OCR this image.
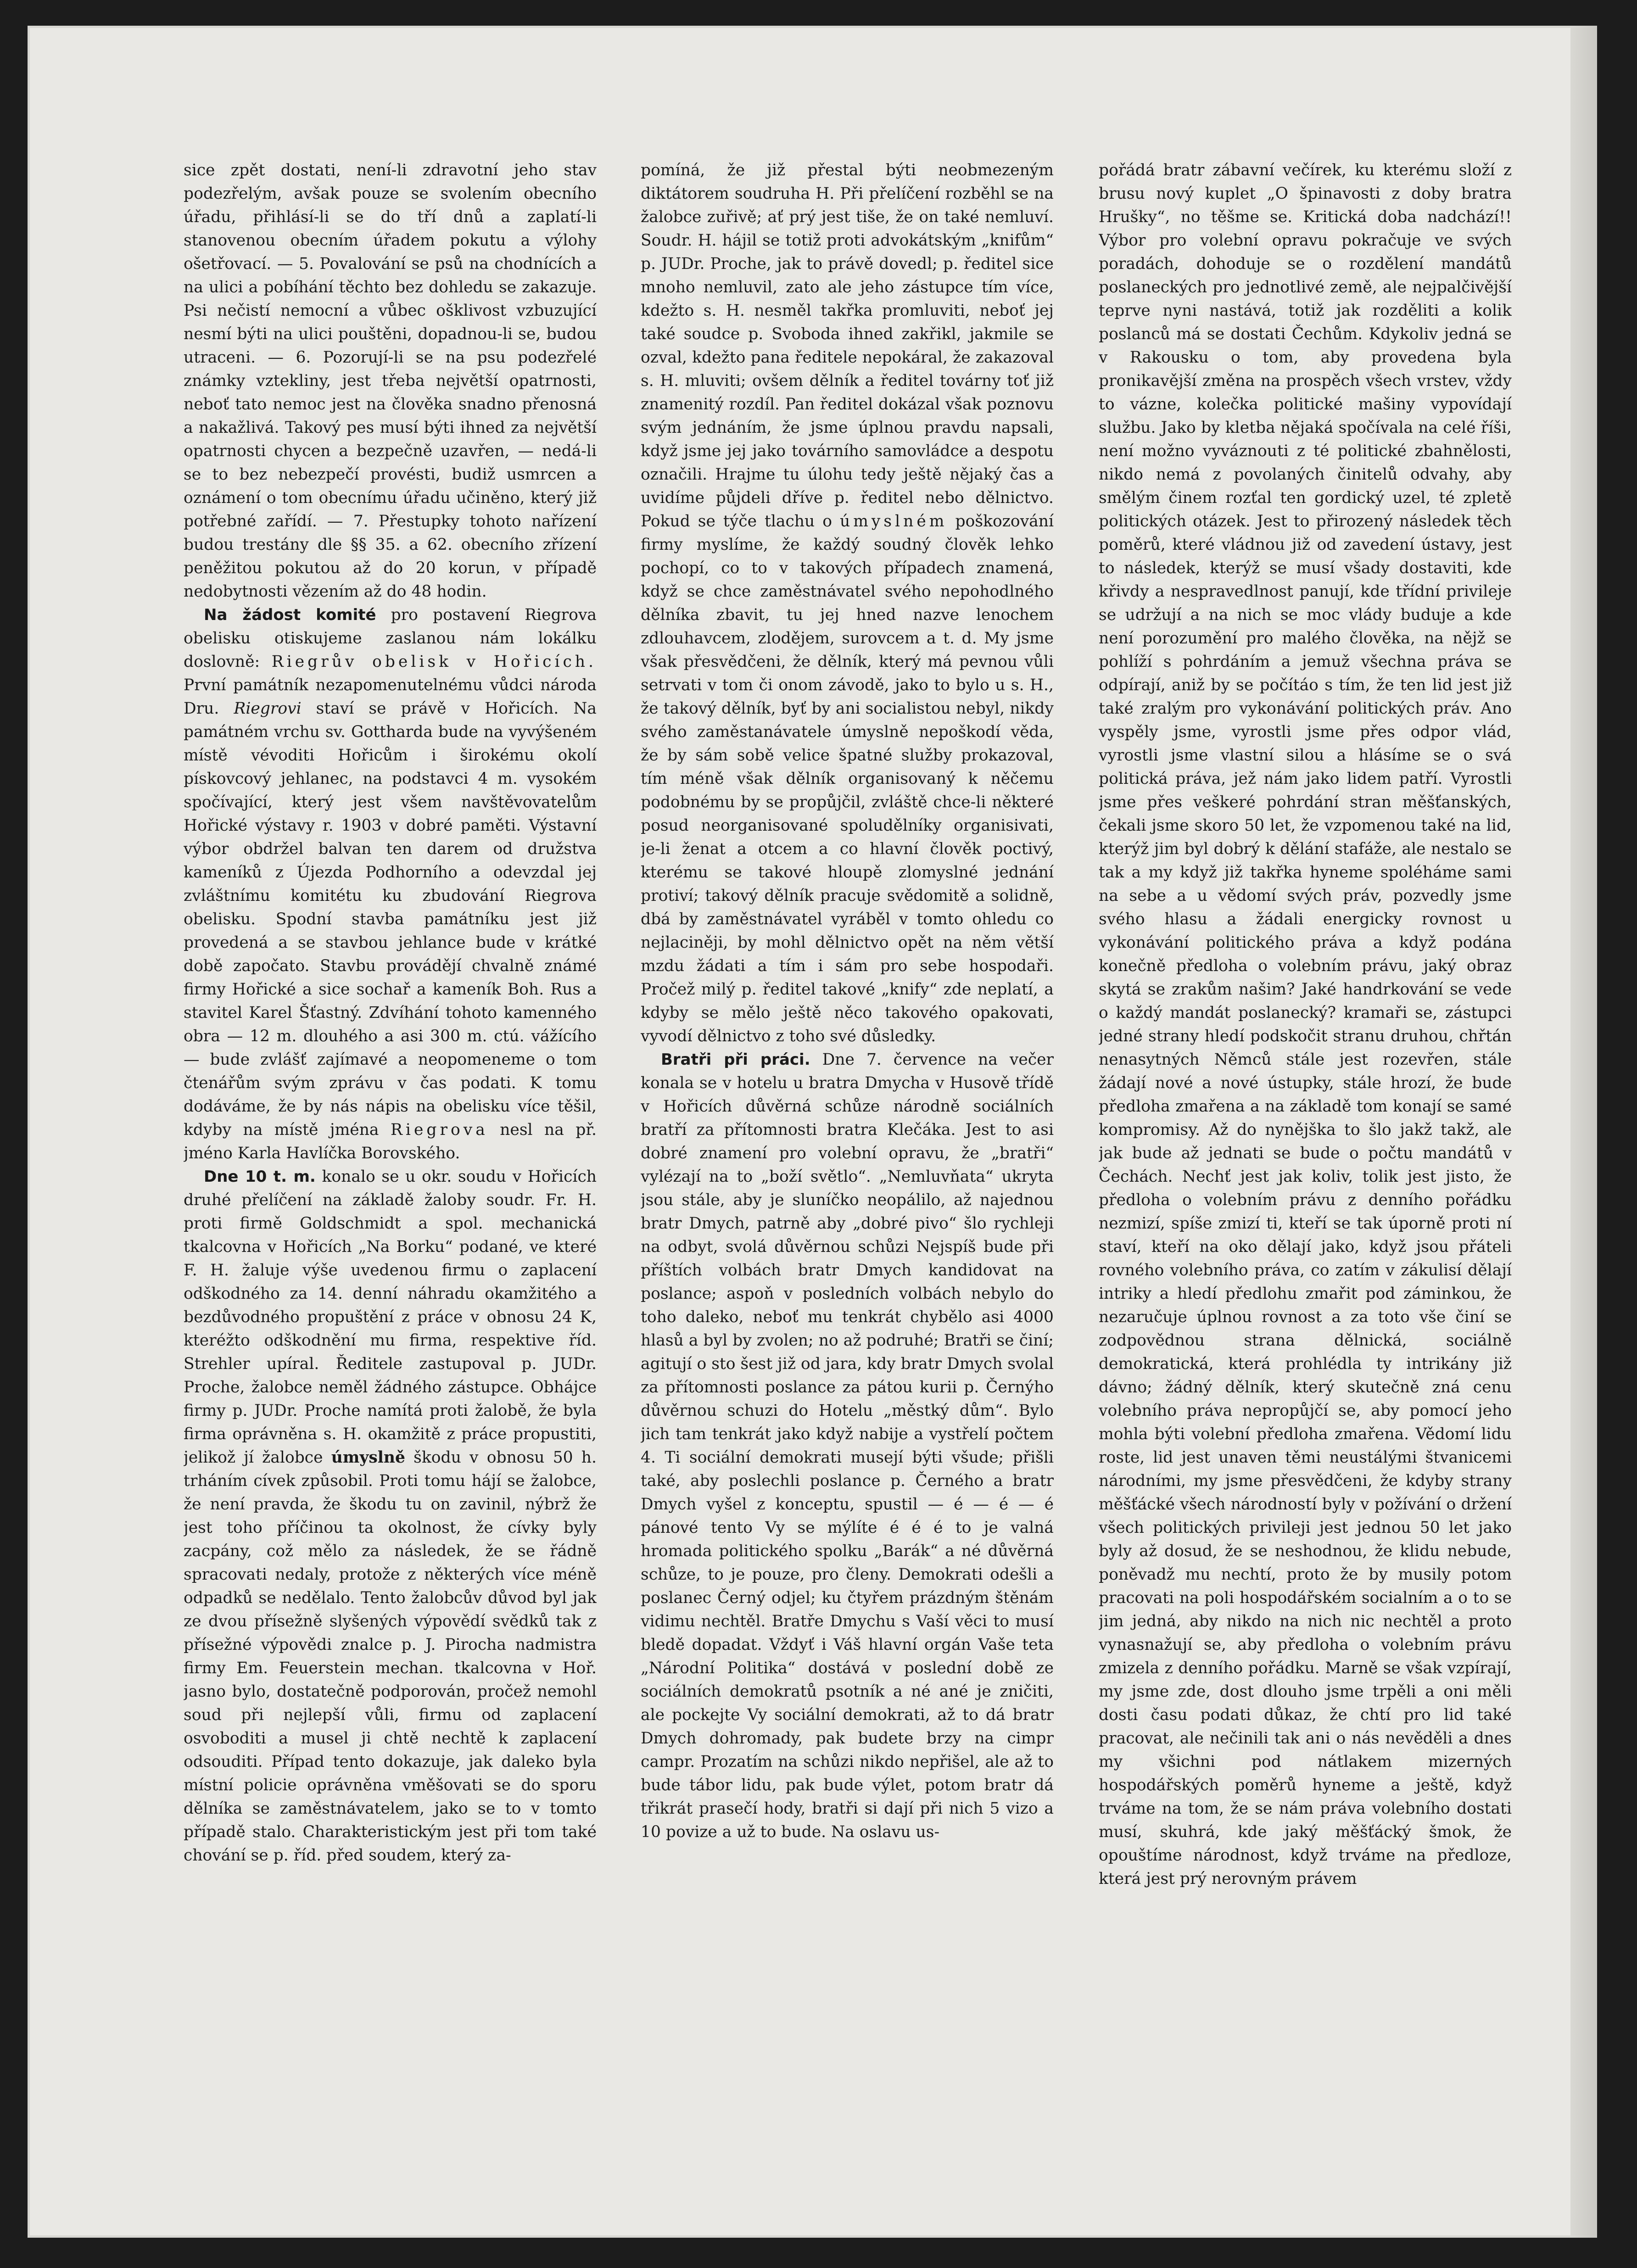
sice zpět dostati, není-li zdravotní jeho stav podezřelým, avšak pouze se svolením obecního úřadu, přihlásí-li se do tří dnů a zaplatí-li stanovenou obecním úřadem pokutu a výlohy ošetřovací. — 5. Povalování se psů na chodnících a na ulici a pobíhání těchto bez dohledu se zakazuje. Psi nečistí nemocní a vůbec ošklivost vzbuzující nesmí býti na ulici pouštěni, dopadnou-li se, budou utraceni. — 6. Pozorují-li se na psu podezřelé známky vztekliny, jest třeba největší opatrnosti, neboť tato nemoc jest na člověka snadno přenosná a nakažlivá. Takový pes musí býti ihned za největší opatrnosti chycen a bezpečně uzavřen, — nedá-li se to bez nebezpečí provésti, budiž usmrcen a oznámení o tom obecnímu úřadu učiněno, který již potřebné zařídí. — 7. Přestupky tohoto nařízení budou trestány dle §§ 35. a 62. obecního zřízení peněžitou pokutou až do 20 korun, v případě nedobytnosti vězením až do 48 hodin.

Na žádost komité pro postavení Riegrova obelisku otiskujeme zaslanou nám lokálku doslovně: Riegrův obelisk v Hořicích. První památník nezapomenutelnému vůdci národa Dru. Riegrovi staví se právě v Hořicích. Na památném vrchu sv. Gottharda bude na vyvýšeném místě vévoditi Hořicům i širokému okolí pískovcový jehlanec, na podstavci 4 m. vysokém spočívající, který jest všem navštěvovatelům Hořické výstavy r. 1903 v dobré paměti. Výstavní výbor obdržel balvan ten darem od družstva kameníků z Újezda Podhorního a odevzdal jej zvláštnímu komitétu ku zbudování Riegrova obelisku. Spodní stavba památníku jest již provedená a se stavbou jehlance bude v krátké době započato. Stavbu provádějí chvalně známé firmy Hořické a sice sochař a kameník Boh. Rus a stavitel Karel Šťastný. Zdvíhání tohoto kamenného obra — 12 m. dlouhého a asi 300 m. ctú. vážícího — bude zvlášť zajímavé a neopomeneme o tom čtenářům svým zprávu v čas podati. K tomu dodáváme, že by nás nápis na obelisku více těšil, kdyby na místě jména Riegrova nesl na př. jméno Karla Havlíčka Borovského.

Dne 10 t. m. konalo se u okr. soudu v Hořicích druhé přelíčení na základě žaloby soudr. Fr. H. proti firmě Goldschmidt a spol. mechanická tkalcovna v Hořicích „Na Borku“ podané, ve které F. H. žaluje výše uvedenou firmu o zaplacení odškodného za 14. denní náhradu okamžitého a bezdůvodného propuštění z práce v obnosu 24 K, kteréžto odškodnění mu firma, respektive říd. Strehler upíral. Ředitele zastupoval p. JUDr. Proche, žalobce neměl žádného zástupce. Obhájce firmy p. JUDr. Proche namítá proti žalobě, že byla firma oprávněna s. H. okamžitě z práce propustiti, jelikož jí žalobce úmyslně škodu v obnosu 50 h. trháním cívek způsobil. Proti tomu hájí se žalobce, že není pravda, že škodu tu on zavinil, nýbrž že jest toho příčinou ta okolnost, že cívky byly zacpány, což mělo za následek, že se řádně spracovati nedaly, protože z některých více méně odpadků se nedělalo. Tento žalobcův důvod byl jak ze dvou přísežně slyšených výpovědí svědků tak z přísežné výpovědi znalce p. J. Pirocha nadmistra firmy Em. Feuerstein mechan. tkalcovna v Hoř. jasno bylo, dostatečně podporován, pročež nemohl soud při nejlepší vůli, firmu od zaplacení osvoboditi a musel ji chtě nechtě k zaplacení odsouditi. Případ tento dokazuje, jak daleko byla místní policie oprávněna vměšovati se do sporu dělníka se zaměstnávatelem, jako se to v tomto případě stalo. Charakteristickým jest při tom také chování se p. říd. před soudem, který za-

pomíná, že již přestal býti neobmezeným diktátorem soudruha H. Při přelíčení rozběhl se na žalobce zuřivě; ať prý jest tiše, že on také nemluví. Soudr. H. hájil se totiž proti advokátským „knifům“ p. JUDr. Proche, jak to právě dovedl; p. ředitel sice mnoho nemluvil, zato ale jeho zástupce tím více, kdežto s. H. nesměl takřka promluviti, neboť jej také soudce p. Svoboda ihned zakřikl, jakmile se ozval, kdežto pana ředitele nepokáral, že zakazoval s. H. mluviti; ovšem dělník a ředitel továrny toť již znamenitý rozdíl. Pan ředitel dokázal však poznovu svým jednáním, že jsme úplnou pravdu napsali, když jsme jej jako továrního samovládce a despotu označili. Hrajme tu úlohu tedy ještě nějaký čas a uvidíme půjdeli dříve p. ředitel nebo dělnictvo. Pokud se týče tlachu o úmyslném poškozování firmy myslíme, že každý soudný člověk lehko pochopí, co to v takových případech znamená, když se chce zaměstnávatel svého nepohodlného dělníka zbavit, tu jej hned nazve lenochem zdlouhavcem, zlodějem, surovcem a t. d. My jsme však přesvědčeni, že dělník, který má pevnou vůli setrvati v tom či onom závodě, jako to bylo u s. H., že takový dělník, byť by ani socialistou nebyl, nikdy svého zaměstanávatele úmyslně nepoškodí věda, že by sám sobě velice špatné služby prokazoval, tím méně však dělník organisovaný k něčemu podobnému by se propůjčil, zvláště chce-li některé posud neorganisované spoludělníky organisivati, je-li ženat a otcem a co hlavní člověk poctivý, kterému se takové hloupě zlomyslné jednání protiví; takový dělník pracuje svědomitě a solidně, dbá by zaměstnávatel vyráběl v tomto ohledu co nejlaciněji, by mohl dělnictvo opět na něm větší mzdu žádati a tím i sám pro sebe hospodaři. Pročež milý p. ředitel takové „knify“ zde neplatí, a kdyby se mělo ještě něco takového opakovati, vyvodí dělnictvo z toho své důsledky.

Bratři při práci. Dne 7. července na večer konala se v hotelu u bratra Dmycha v Husově třídě v Hořicích důvěrná schůze národně sociálních bratří za přítomnosti bratra Klečáka. Jest to asi dobré znamení pro volební opravu, že „bratři“ vylézají na to „boží světlo“. „Nemluvňata“ ukryta jsou stále, aby je sluníčko neopálilo, až najednou bratr Dmych, patrně aby „dobré pivo“ šlo rychleji na odbyt, svolá důvěrnou schůzi Nejspíš bude při příštích volbách bratr Dmych kandidovat na poslance; aspoň v posledních volbách nebylo do toho daleko, neboť mu tenkrát chybělo asi 4000 hlasů a byl by zvolen; no až podruhé; Bratři se činí; agitují o sto šest již od jara, kdy bratr Dmych svolal za přítomnosti poslance za pátou kurii p. Černýho důvěrnou schuzi do Hotelu „městký dům“. Bylo jich tam tenkrát jako když nabije a vystřelí počtem 4. Ti sociální demokrati musejí býti všude; přišli také, aby poslechli poslance p. Černého a bratr Dmych vyšel z konceptu, spustil — é — é — é pánové tento Vy se mýlíte é é é to je valná hromada politického spolku „Barák“ a né důvěrná schůze, to je pouze, pro členy. Demokrati odešli a poslanec Černý odjel; ku čtyřem prázdným štěnám vidimu nechtěl. Bratře Dmychu s Vaší věci to musí bledě dopadat. Vždyť i Váš hlavní orgán Vaše teta „Národní Politika“ dostává v poslední době ze sociálních demokratů psotník a né ané je zničiti, ale pockejte Vy sociální demokrati, až to dá bratr Dmych dohromady, pak budete brzy na cimpr campr. Prozatím na schůzi nikdo nepřišel, ale až to bude tábor lidu, pak bude výlet, potom bratr dá třikrát prasečí hody, bratři si dají při nich 5 vizo a 10 povize a už to bude. Na oslavu us-

pořádá bratr zábavní večírek, ku kterému složí z brusu nový kuplet „O špinavosti z doby bratra Hrušky“, no těšme se. Kritická doba nadchází!! Výbor pro volební opravu pokračuje ve svých poradách, dohoduje se o rozdělení mandátů poslaneckých pro jednotlivé země, ale nejpalčivější teprve nyni nastává, totiž jak rozděliti a kolik poslanců má se dostati Čechům. Kdykoliv jedná se v Rakousku o tom, aby provedena byla pronikavější změna na prospěch všech vrstev, vždy to vázne, kolečka politické mašiny vypovídají službu. Jako by kletba nějaká spočívala na celé říši, není možno vyváznouti z té politické zbahnělosti, nikdo nemá z povolaných činitelů odvahy, aby smělým činem rozťal ten gordický uzel, té zpletě politických otázek. Jest to přirozený následek těch poměrů, které vládnou již od zavedení ústavy, jest to následek, kterýž se musí všady dostaviti, kde křivdy a nespravedlnost panují, kde třídní privileje se udržují a na nich se moc vlády buduje a kde není porozumění pro malého člověka, na nějž se pohlíží s pohrdáním a jemuž všechna práva se odpírají, aniž by se počítáo s tím, že ten lid jest již také zralým pro vykonávání politických práv. Ano vyspěly jsme, vyrostli jsme přes odpor vlád, vyrostli jsme vlastní silou a hlásíme se o svá politická práva, jež nám jako lidem patří. Vyrostli jsme přes veškeré pohrdání stran měšťanských, čekali jsme skoro 50 let, že vzpomenou také na lid, kterýž jim byl dobrý k dělání stafáže, ale nestalo se tak a my když již takřka hyneme spoléháme sami na sebe a u vědomí svých práv, pozvedly jsme svého hlasu a žádali energicky rovnost u vykonávání politického práva a když podána konečně předloha o volebním právu, jaký obraz skytá se zrakům našim? Jaké handrkování se vede o každý mandát poslanecký? kramaři se, zástupci jedné strany hledí podskočit stranu druhou, chřtán nenasytných Němců stále jest rozevřen, stále žádají nové a nové ústupky, stále hrozí, že bude předloha zmařena a na základě tom konají se samé kompromisy. Až do nynějška to šlo jakž takž, ale jak bude až jednati se bude o počtu mandátů v Čechách. Nechť jest jak koliv, tolik jest jisto, že předloha o volebním právu z denního pořádku nezmizí, spíše zmizí ti, kteří se tak úporně proti ní staví, kteří na oko dělají jako, když jsou přáteli rovného volebního práva, co zatím v zákulisí dělají intriky a hledí předlohu zmařit pod záminkou, že nezaručuje úplnou rovnost a za toto vše činí se zodpovědnou strana dělnická, sociálně demokratická, která prohlédla ty intrikány již dávno; žádný dělník, který skutečně zná cenu volebního práva nepropůjčí se, aby pomocí jeho mohla býti volební předloha zmařena. Vědomí lidu roste, lid jest unaven těmi neustálými štvanicemi národními, my jsme přesvědčeni, že kdyby strany měšťácké všech národností byly v požívání o držení všech politických privileji jest jednou 50 let jako byly až dosud, že se neshodnou, že klidu nebude, poněvadž mu nechtí, proto že by musily potom pracovati na poli hospodářském socialním a o to se jim jedná, aby nikdo na nich nic nechtěl a proto vynasnažují se, aby předloha o volebním právu zmizela z denního pořádku. Marně se však vzpírají, my jsme zde, dost dlouho jsme trpěli a oni měli dosti času podati důkaz, že chtí pro lid také pracovat, ale nečinili tak ani o nás nevěděli a dnes my všichni pod nátlakem mizerných hospodářských poměrů hyneme a ještě, když trváme na tom, že se nám práva volebního dostati musí, skuhrá, kde jaký měšťácký šmok, že opouštíme národnost, když trváme na předloze, která jest prý nerovným právem
